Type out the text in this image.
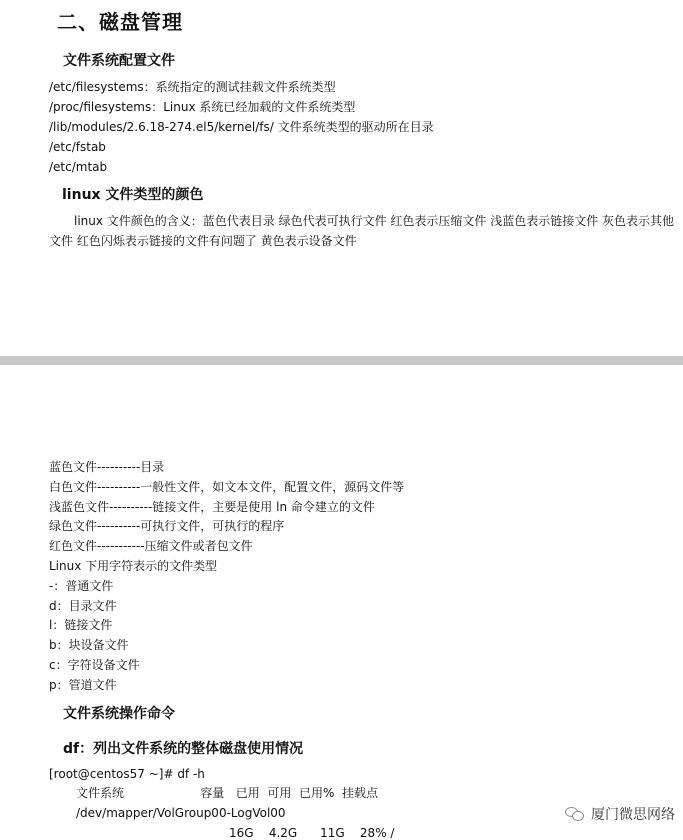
二、磁盘管理
文件系统配置文件
/etc/filesystems：系统指定的测试挂载文件系统类型
/proc/filesystems：Linux 系统已经加载的文件系统类型
/lib/modules/2.6.18-274.el5/kernel/fs/ 文件系统类型的驱动所在目录
/etc/fstab
/etc/mtab
linux 文件类型的颜色
linux 文件颜色的含义：蓝色代表目录 绿色代表可执行文件 红色表示压缩文件 浅蓝色表示链接文件 灰色表示其他文件 红色闪烁表示链接的文件有问题了 黄色表示设备文件
蓝色文件----------目录
白色文件----------一般性文件，如文本文件，配置文件，源码文件等
浅蓝色文件----------链接文件，主要是使用 ln 命令建立的文件
绿色文件----------可执行文件，可执行的程序
红色文件-----------压缩文件或者包文件
Linux 下用字符表示的文件类型
-：普通文件
d：目录文件
l：链接文件
b：块设备文件
c：字符设备文件
p：管道文件
文件系统操作命令
df：列出文件系统的整体磁盘使用情况
[root@centos57 ~]# df -h
文件系统                    容量   已用  可用  已用%  挂载点
/dev/mapper/VolGroup00-LogVol00
16G    4.2G      11G    28% /
厦门微思网络
